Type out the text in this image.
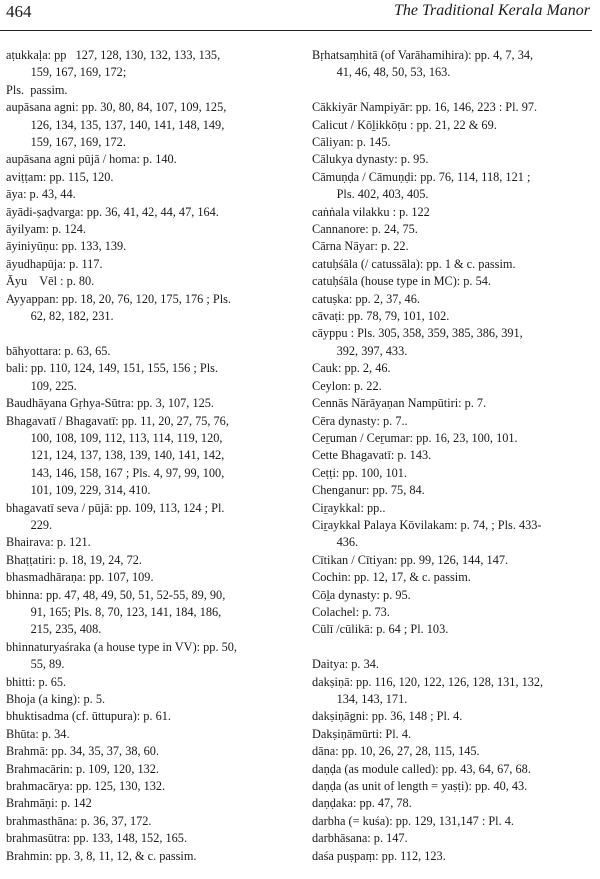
464	The Traditional Kerala Manor
aṭukkaḷa: pp   127, 128, 130, 132, 133, 135,
159, 167, 169, 172;
Pls.  passim.
aupāsana agni: pp. 30, 80, 84, 107, 109, 125,
126, 134, 135, 137, 140, 141, 148, 149,
159, 167, 169, 172.
aupāsana agni pūjā / homa: p. 140.
aviṭṭam: pp. 115, 120.
āya: p. 43, 44.
āyādi-ṣaḍvarga: pp. 36, 41, 42, 44, 47, 164.
āyilyam: p. 124.
āyiniyūṇu: pp. 133, 139.
āyudhapūja: p. 117.
Āyu    Vēl : p. 80.
Ayyappan: pp. 18, 20, 76, 120, 175, 176 ; Pls.
62, 82, 182, 231.
bāhyottara: p. 63, 65.
bali: pp. 110, 124, 149, 151, 155, 156 ; Pls.
109, 225.
Baudhāyana Gṛhya-Sūtra: pp. 3, 107, 125.
Bhagavatī / Bhagavatī: pp. 11, 20, 27, 75, 76,
100, 108, 109, 112, 113, 114, 119, 120,
121, 124, 137, 138, 139, 140, 141, 142,
143, 146, 158, 167 ; Pls. 4, 97, 99, 100,
101, 109, 229, 314, 410.
bhagavatī seva / pūjā: pp. 109, 113, 124 ; Pl.
229.
Bhairava: p. 121.
Bhaṭṭatiri: p. 18, 19, 24, 72.
bhasmadhāraṇa: pp. 107, 109.
bhinna: pp. 47, 48, 49, 50, 51, 52-55, 89, 90,
91, 165; Pls. 8, 70, 123, 141, 184, 186,
215, 235, 408.
bhinnaturyaśraka (a house type in VV): pp. 50,
55, 89.
bhitti: p. 65.
Bhoja (a king): p. 5.
bhuktisadma (cf. ūttupura): p. 61.
Bhūta: p. 34.
Brahmā: pp. 34, 35, 37, 38, 60.
Brahmacārin: p. 109, 120, 132.
brahmacārya: pp. 125, 130, 132.
Brahmāṇi: p. 142
brahmasthāna: p. 36, 37, 172.
brahmasūtra: pp. 133, 148, 152, 165.
Brahmin: pp. 3, 8, 11, 12, & c. passim.
Bṛhatsaṃhitā (of Varāhamihira): pp. 4, 7, 34,
41, 46, 48, 50, 53, 163.
Cākkiyār Nampiyār: pp. 16, 146, 223 : Pl. 97.
Calicut / Kōḻikkōṭu : pp. 21, 22 & 69.
Cāliyan: p. 145.
Cālukya dynasty: p. 95.
Cāmuṇḍa / Cāmuṇḍi: pp. 76, 114, 118, 121 ;
Pls. 402, 403, 405.
caṅṅala vilakku : p. 122
Cannanore: p. 24, 75.
Cārna Nāyar: p. 22.
catuḥśāla (/ catussāla): pp. 1 & c. passim.
catuḥśāla (house type in MC): p. 54.
catuṣka: pp. 2, 37, 46.
cāvaṭi: pp. 78, 79, 101, 102.
cāyppu : Pls. 305, 358, 359, 385, 386, 391,
392, 397, 433.
Cauk: pp. 2, 46.
Ceylon: p. 22.
Cennās Nārāyaṇan Nampūtiri: p. 7.
Cēra dynasty: p. 7..
Ceṟuman / Ceṟumar: pp. 16, 23, 100, 101.
Cette Bhagavatī: p. 143.
Ceṭṭi: pp. 100, 101.
Chenganur: pp. 75, 84.
Ciṟaykkal: pp..
Ciṟaykkal Palaya Kōvilakam: p. 74, ; Pls. 433-
436.
Cītikan / Cītiyan: pp. 99, 126, 144, 147.
Cochin: pp. 12, 17, & c. passim.
Cōḻa dynasty: p. 95.
Colachel: p. 73.
Cūlī /cūlikā: p. 64 ; Pl. 103.
Daitya: p. 34.
dakṣiṇā: pp. 116, 120, 122, 126, 128, 131, 132,
134, 143, 171.
dakṣiṇāgni: pp. 36, 148 ; Pl. 4.
Dakṣiṇāmūrti: Pl. 4.
dāna: pp. 10, 26, 27, 28, 115, 145.
daṇḍa (as module called): pp. 43, 64, 67, 68.
daṇḍa (as unit of length = yaṣṭi): pp. 40, 43.
daṇḍaka: pp. 47, 78.
darbha (= kuśa): pp. 129, 131,147 : Pl. 4.
darbhāsana: p. 147.
daśa puṣpaṃ: pp. 112, 123.
